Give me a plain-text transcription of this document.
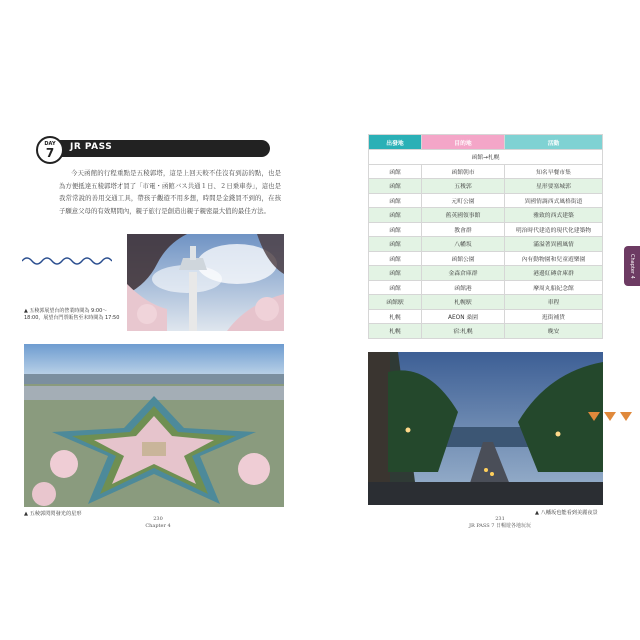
DAY
7 JR PASS

今天函館的行程重點是五稜郭塔，這是上回天較不佳沒有到訪的點，也是為方便抵達五稜郭塔才買了「市電・函館バス共通１日、２日乗車券」，這也是我常常說的善用交通工具，帶孩子觀遊不用多想，時間是金錢買不到的，在孩子願意父母的有效期間內，親子旅行是創造出親子親密最大值的最佳方法。

▲ 五稜郭展望台的營業時間為 9:00～18:00，展望台門票販售至末時間為 17:50
▲ 五稜郭閃閃發光的星形
230
Chapter 4
出發地	目的地	活動
函館→札幌		
函館	函館朝市	知名早餐市集
函館	五稜郭	星形要塞城郭
函館	元町公園	異國情調西式風格街道
函館	舊英國領事館	雅致的西式建築
函館	教會群	明治時代建造的現代化建築物
函館	八幡坂	滿溢著異國風情
函館	函館公園	內有動物園和兒童遊樂園
函館	金森倉庫群	港邊紅磚倉庫群
函館	函館港	摩周丸船紀念館
函館駅	札幌駅	車程
札幌	AEON 桑園	逛街補貨
札幌	宿:札幌	晚安
Chapter 4
▲ 八幡坂也能看到美麗夜景
231
JR PASS 7 日暢遊各地玩玩
